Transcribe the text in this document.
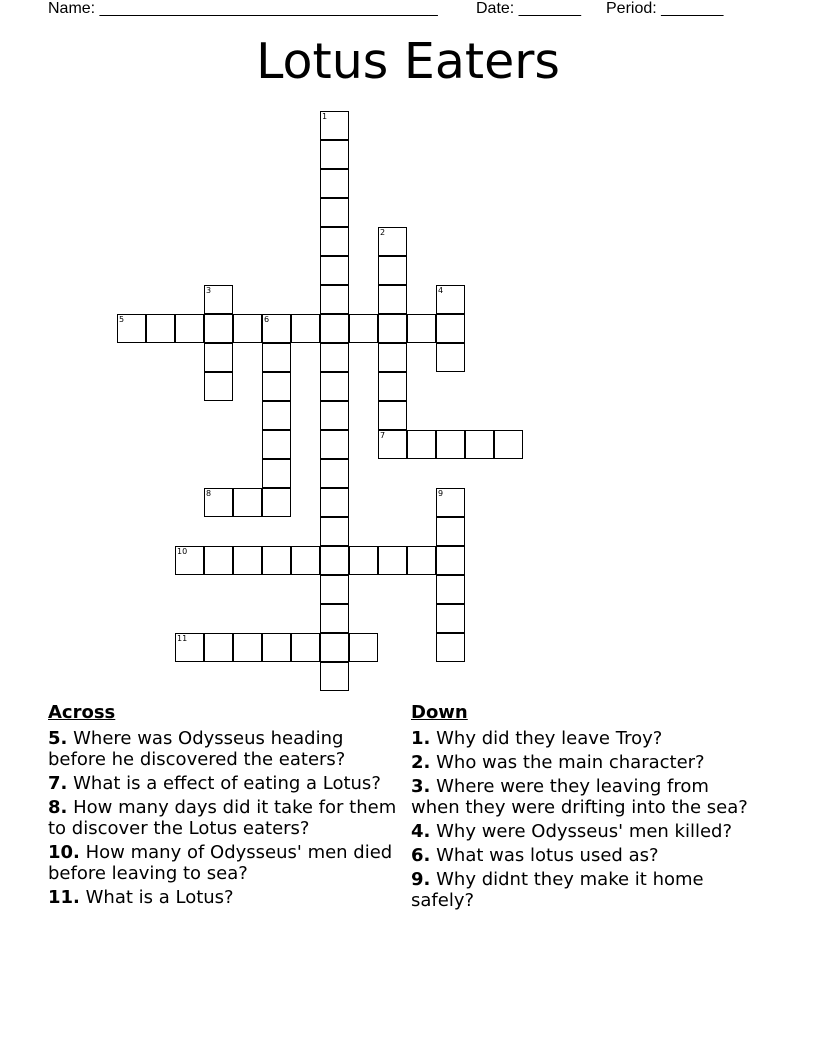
Name: ______________________________________ Date: _______ Period: _______
Lotus Eaters
1
2
7
3	4
5	6
8	9
10
11
Across
5. Where was Odysseus heading before he discovered the eaters?
7. What is a effect of eating a Lotus?
8. How many days did it take for them to discover the Lotus eaters?
10. How many of Odysseus' men died before leaving to sea?
11. What is a Lotus?
Down
1. Why did they leave Troy?
2. Who was the main character?
3. Where were they leaving from when they were drifting into the sea?
4. Why were Odysseus' men killed?
6. What was lotus used as?
9. Why didnt they make it home safely?
